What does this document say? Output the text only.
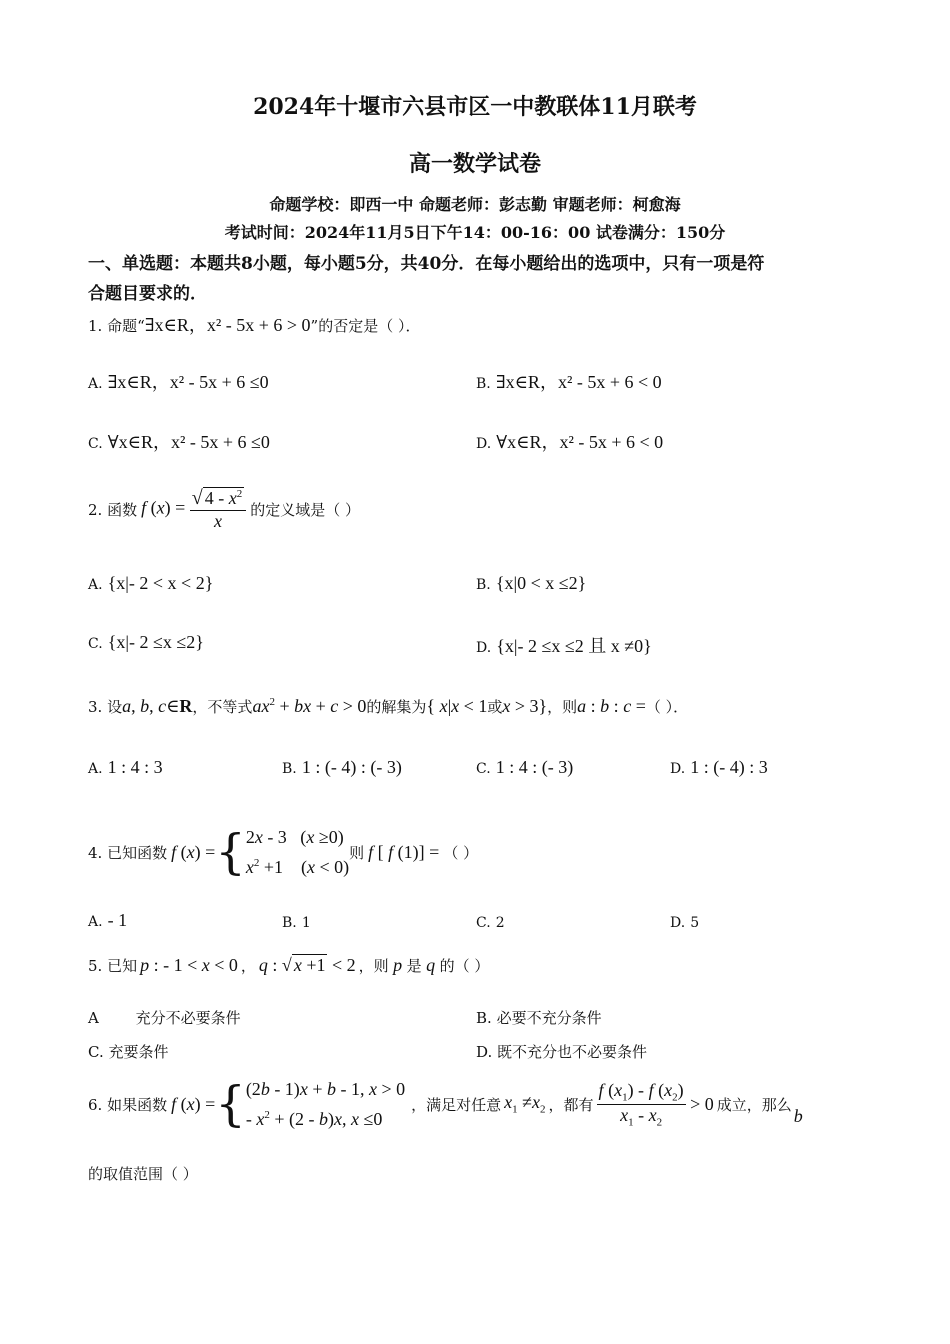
2024年十堰市六县市区一中教联体11月联考
高一数学试卷
命题学校：即西一中 命题老师：彭志勤 审题老师：柯愈海
考试时间：2024年11月5日下午14：00-16：00 试卷满分：150分
一、单选题：本题共8小题，每小题5分，共40分．在每小题给出的选项中，只有一项是符
合题目要求的．
1. 命题“∃x∈R，x² - 5x + 6 > 0”的否定是（ ）．
A. ∃x∈R，x² - 5x + 6 ≤0	B. ∃x∈R，x² - 5x + 6 < 0
C. ∀x∈R，x² - 5x + 6 ≤0	D. ∀x∈R，x² - 5x + 6 < 0
2. 函数 f $(x) = \frac{√ 4 - x^2}{x}$ 的定义域是（ ）
A. {x|- 2 < x < 2}	B. {x|0 < x ≤2}
C. {x|- 2 ≤x ≤2}	D. {x|- 2 ≤x ≤2 且 x ≠0}
3. 设a, b, c∈R，不等式$ax^2$ + bx + c > 0的解集为{ x|x < 1或x > 3}，则a : b : c =（ ）．
A. 1 : 4 : 3	B. 1 : (- 4) : (- 3)	C. 1 : 4 : (- 3)	D. 1 : (- 4) : 3
4. 已知函数 f ( x ) = { 2x - 3   (x ≥0)
$x^2 +1$    (x < 0)
则 f [ f (1)] = （ ）
A. - 1	B. 1	C. 2	D. 5
5. 已知 p : - 1 < x < 0 ， q : √ x +1 < 2 ，则 p 是 q 的（ ）
A 充分不必要条件	B. 必要不充分条件
C. 充要条件	D. 既不充分也不必要条件
6. 如果函数 f ( x ) = { (2b - 1)x + b - 1, x > 0
- $x^2 + (2 - b)x$, x ≤0
，满足对任意 $x_1 \ne x_2$ ，都有 $\frac{f (x_1) - f (x_2)}{x_1 - x_2} > 0$ 成立，那么
b
的取值范围（ ）
